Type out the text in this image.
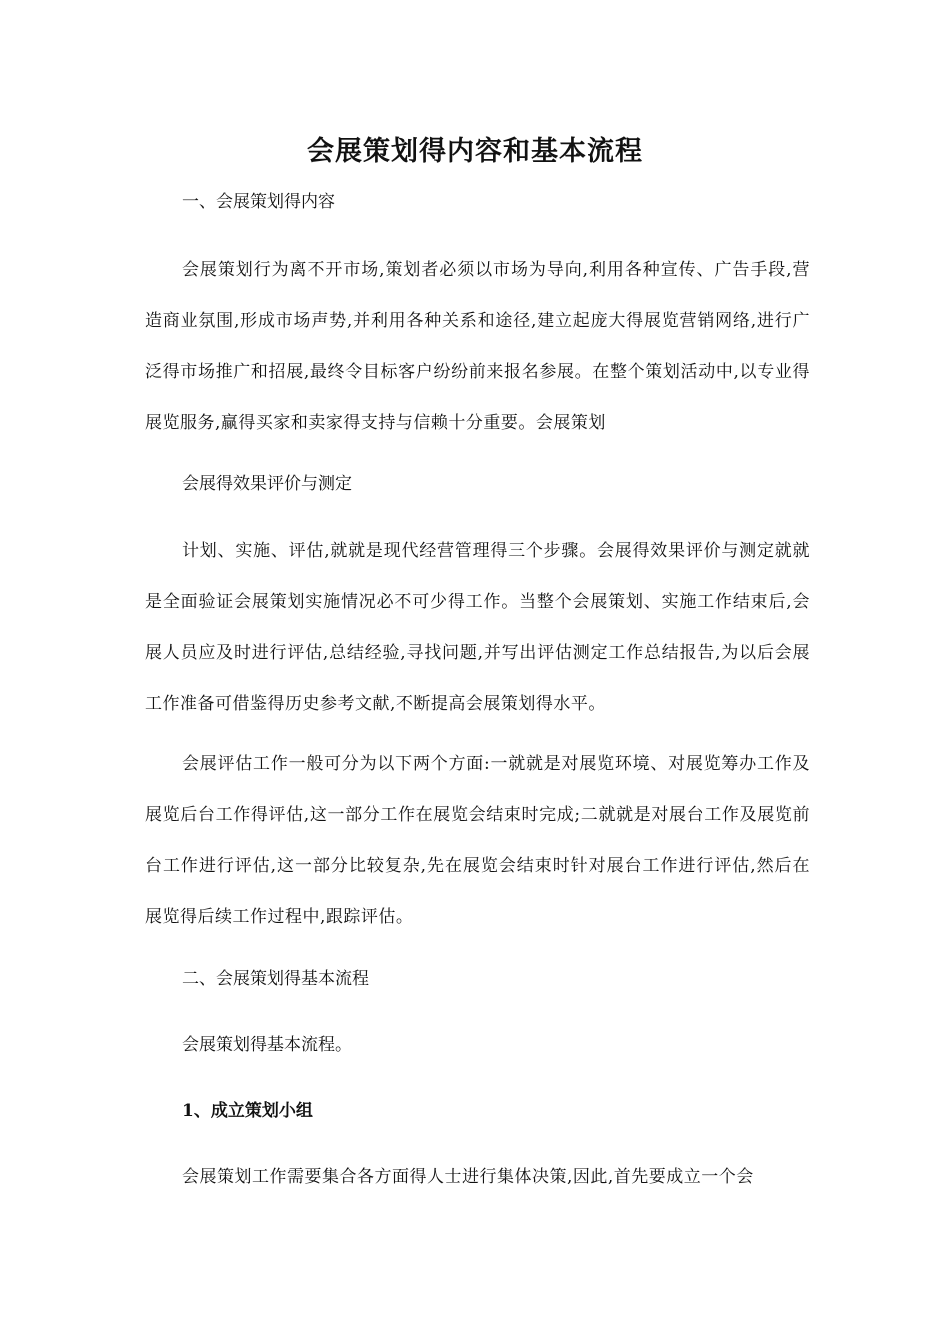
会展策划得内容和基本流程

一、会展策划得内容

会展策划行为离不开市场,策划者必须以市场为导向,利用各种宣传、广告手段,营造商业氛围,形成市场声势,并利用各种关系和途径,建立起庞大得展览营销网络,进行广泛得市场推广和招展,最终令目标客户纷纷前来报名参展。在整个策划活动中,以专业得展览服务,赢得买家和卖家得支持与信赖十分重要。会展策划

会展得效果评价与测定

计划、实施、评估,就就是现代经营管理得三个步骤。会展得效果评价与测定就就是全面验证会展策划实施情况必不可少得工作。当整个会展策划、实施工作结束后,会展人员应及时进行评估,总结经验,寻找问题,并写出评估测定工作总结报告,为以后会展工作准备可借鉴得历史参考文献,不断提高会展策划得水平。

会展评估工作一般可分为以下两个方面:一就就是对展览环境、对展览筹办工作及展览后台工作得评估,这一部分工作在展览会结束时完成;二就就是对展台工作及展览前台工作进行评估,这一部分比较复杂,先在展览会结束时针对展台工作进行评估,然后在展览得后续工作过程中,跟踪评估。

二、会展策划得基本流程

会展策划得基本流程。

1、成立策划小组

会展策划工作需要集合各方面得人士进行集体决策,因此,首先要成立一个会
